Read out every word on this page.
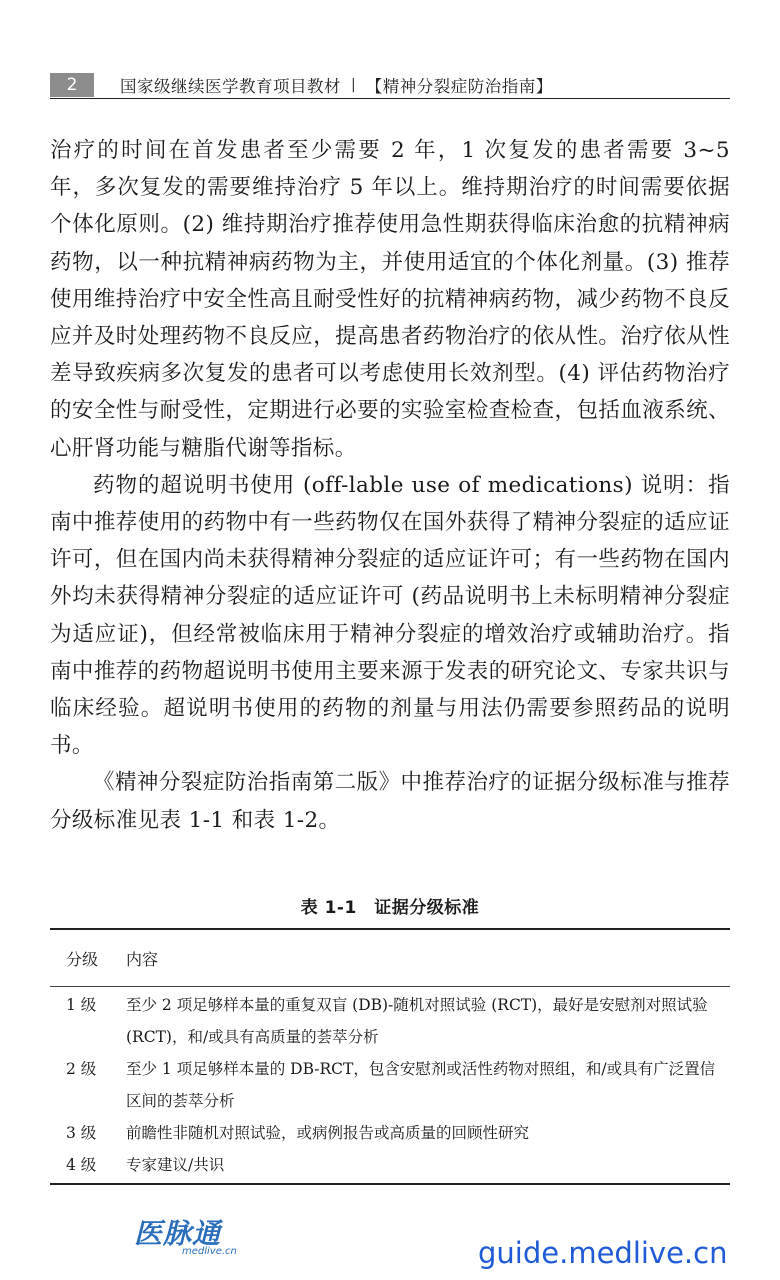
2	国家级继续医学教育项目教材 | 【精神分裂症防治指南】

治疗的时间在首发患者至少需要 2 年，1 次复发的患者需要 3~5 年，多次复发的需要维持治疗 5 年以上。维持期治疗的时间需要依据个体化原则。(2) 维持期治疗推荐使用急性期获得临床治愈的抗精神病药物，以一种抗精神病药物为主，并使用适宜的个体化剂量。(3) 推荐使用维持治疗中安全性高且耐受性好的抗精神病药物，减少药物不良反应并及时处理药物不良反应，提高患者药物治疗的依从性。治疗依从性差导致疾病多次复发的患者可以考虑使用长效剂型。(4) 评估药物治疗的安全性与耐受性，定期进行必要的实验室检查检查，包括血液系统、心肝肾功能与糖脂代谢等指标。

药物的超说明书使用 (off-lable use of medications) 说明：指南中推荐使用的药物中有一些药物仅在国外获得了精神分裂症的适应证许可，但在国内尚未获得精神分裂症的适应证许可；有一些药物在国内外均未获得精神分裂症的适应证许可 (药品说明书上未标明精神分裂症为适应证)，但经常被临床用于精神分裂症的增效治疗或辅助治疗。指南中推荐的药物超说明书使用主要来源于发表的研究论文、专家共识与临床经验。超说明书使用的药物的剂量与用法仍需要参照药品的说明书。

《精神分裂症防治指南第二版》中推荐治疗的证据分级标准与推荐分级标准见表 1-1 和表 1-2。

表 1-1　证据分级标准
分级	内容
1 级	至少 2 项足够样本量的重复双盲 (DB)-随机对照试验 (RCT)，最好是安慰剂对照试验 (RCT)，和/或具有高质量的荟萃分析
2 级	至少 1 项足够样本量的 DB-RCT，包含安慰剂或活性药物对照组，和/或具有广泛置信区间的荟萃分析
3 级	前瞻性非随机对照试验，或病例报告或高质量的回顾性研究
4 级	专家建议/共识
医脉通
medlive.cn	guide.medlive.cn
